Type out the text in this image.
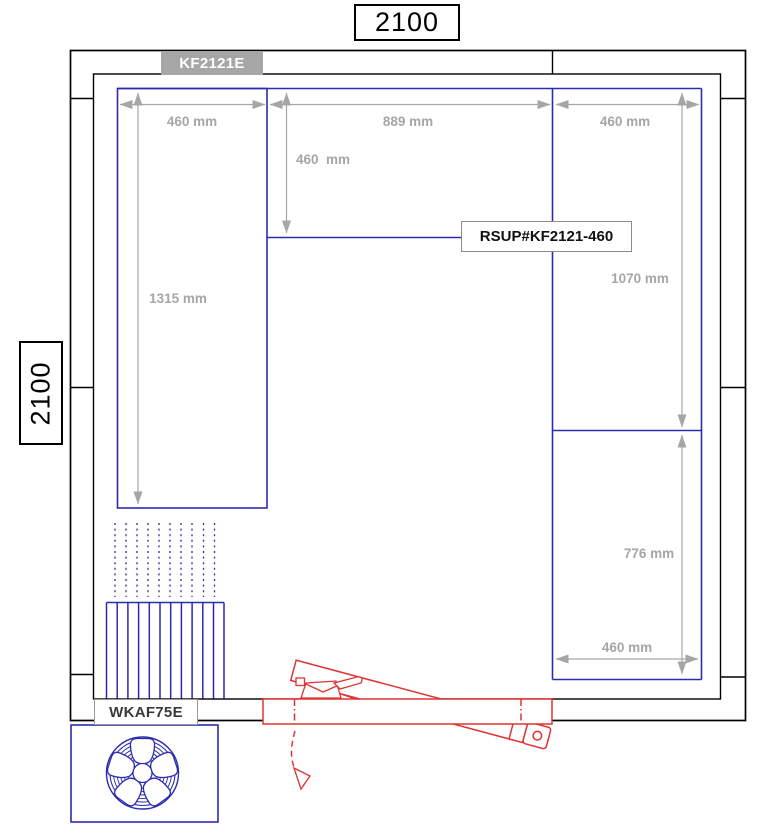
2100
2100
KF2121E
RSUP#KF2121-460
WKAF75E
460 mm	889 mm	460 mm
460  mm
1315 mm
1070 mm
776 mm
460 mm
